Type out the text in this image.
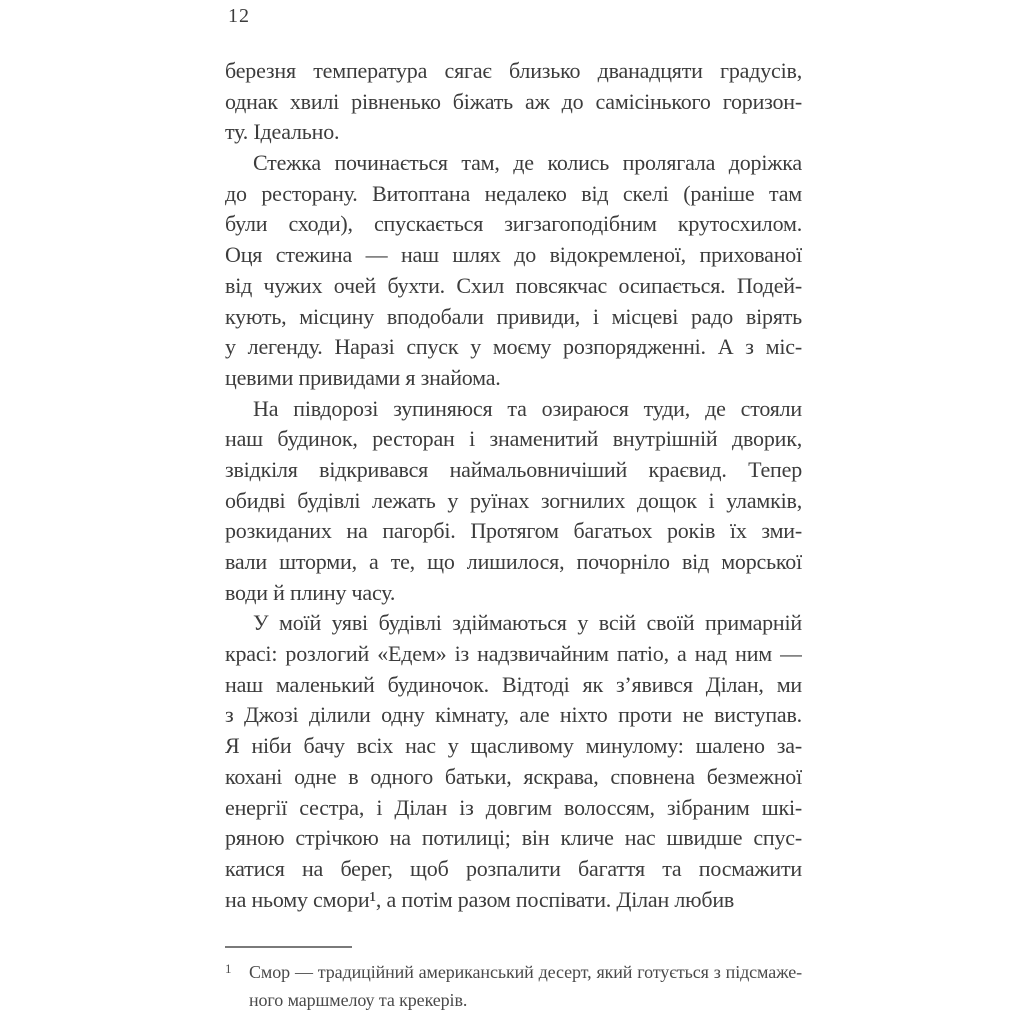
12
березня температура сягає близько дванадцяти градусів,
однак хвилі рівненько біжать аж до самісінького горизон-
ту. Ідеально.
Стежка починається там, де колись пролягала доріжка
до ресторану. Витоптана недалеко від скелі (раніше там
були сходи), спускається зигзагоподібним крутосхилом.
Оця стежина — наш шлях до відокремленої, прихованої
від чужих очей бухти. Схил повсякчас осипається. Подей-
кують, місцину вподобали привиди, і місцеві радо вірять
у легенду. Наразі спуск у моєму розпорядженні. А з міс-
цевими привидами я знайома.
На півдорозі зупиняюся та озираюся туди, де стояли
наш будинок, ресторан і знаменитий внутрішній дворик,
звідкіля відкривався наймальовничіший краєвид. Тепер
обидві будівлі лежать у руїнах зогнилих дощок і уламків,
розкиданих на пагорбі. Протягом багатьох років їх зми-
вали шторми, а те, що лишилося, почорніло від морської
води й плину часу.
У моїй уяві будівлі здіймаються у всій своїй примарній
красі: розлогий «Едем» із надзвичайним патіо, а над ним —
наш маленький будиночок. Відтоді як з’явився Ділан, ми
з Джозі ділили одну кімнату, але ніхто проти не виступав.
Я ніби бачу всіх нас у щасливому минулому: шалено за-
кохані одне в одного батьки, яскрава, сповнена безмежної
енергії сестра, і Ділан із довгим волоссям, зібраним шкі-
ряною стрічкою на потилиці; він кличе нас швидше спус-
катися на берег, щоб розпалити багаття та посмажити
на ньому смори¹, а потім разом поспівати. Ділан любив
1 Смор — традиційний американський десерт, який готується з підсмаже-
ного маршмелоу та крекерів.
